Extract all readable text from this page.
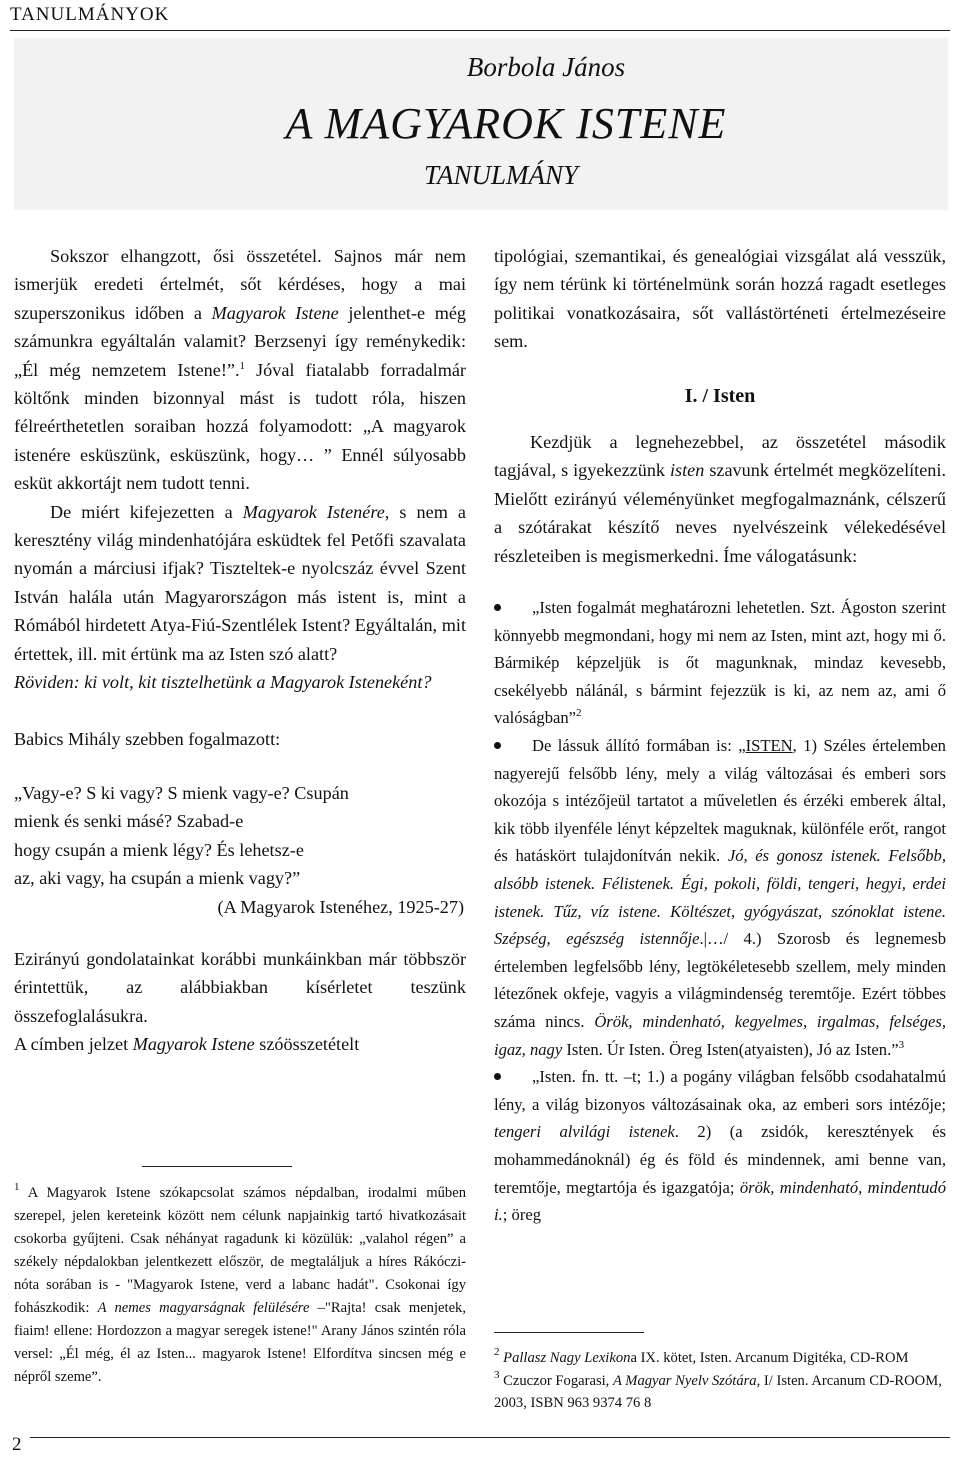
TANULMÁNYOK
Borbola János
A MAGYAROK ISTENE
TANULMÁNY

Sokszor elhangzott, ősi összetétel. Sajnos már nem ismerjük eredeti értelmét, sőt kérdéses, hogy a mai szuperszonikus időben a Magyarok Istene jelenthet-e még számunkra egyáltalán valamit? Berzsenyi így reménykedik: „Él még nemzetem Istene!”.$^1$ Jóval fiatalabb forradalmár költőnk minden bizonnyal mást is tudott róla, hiszen félreérthetetlen soraiban hozzá folyamodott: „A magyarok istenére esküszünk, esküszünk, hogy… ” Ennél súlyosabb esküt akkortájt nem tudott tenni.

De miért kifejezetten a Magyarok Istenére, s nem a keresztény világ mindenhatójára esküdtek fel Petőfi szavalata nyomán a márciusi ifjak? Tiszteltek-e nyolcszáz évvel Szent István halála után Magyarországon más istent is, mint a Rómából hirdetett Atya-Fiú-Szentlélek Istent? Egyáltalán, mit értettek, ill. mit értünk ma az Isten szó alatt?

Röviden: ki volt, kit tisztelhetünk a Magyarok Isteneként?

Babics Mihály szebben fogalmazott:

„Vagy-e? S ki vagy? S mienk vagy-e? Csupán

mienk és senki másé? Szabad-e

hogy csupán a mienk légy? És lehetsz-e

az, aki vagy, ha csupán a mienk vagy?”

(A Magyarok Istenéhez, 1925-27)

Ezirányú gondolatainkat korábbi munkáinkban már többször érintettük, az alábbiakban kísérletet teszünk összefoglalásukra.

A címben jelzet Magyarok Istene szóösszetételt

tipológiai, szemantikai, és genealógiai vizsgálat alá vesszük, így nem térünk ki történelmünk során hozzá ragadt esetleges politikai vonatkozásaira, sőt vallástörténeti értelmezéseire sem.

I. / Isten

Kezdjük a legnehezebbel, az összetétel második tagjával, s igyekezzünk isten szavunk értelmét megközelíteni. Mielőtt ezirányú véleményünket megfogalmaznánk, célszerű a szótárakat készítő neves nyelvészeink vélekedésével részleteiben is megismerkedni. Íme válogatásunk:

„Isten fogalmát meghatározni lehetetlen. Szt. Ágoston szerint könnyebb megmondani, hogy mi nem az Isten, mint azt, hogy mi ő. Bármikép képzeljük is őt magunknak, mindaz kevesebb, csekélyebb nálánál, s bármint fejezzük is ki, az nem az, ami ő valóságban”$^2$
De lássuk állító formában is: „ISTEN, 1) Széles értelemben nagyerejű felsőbb lény, mely a világ változásai és emberi sors okozója s intézőjeül tartatot a műveletlen és érzéki emberek által, kik több ilyenféle lényt képzeltek maguknak, különféle erőt, rangot és hatáskört tulajdonítván nekik. Jó, és gonosz istenek. Felsőbb, alsóbb istenek. Félistenek. Égi, pokoli, földi, tengeri, hegyi, erdei istenek. Tűz, víz istene. Költészet, gyógyászat, szónoklat istene. Szépség, egészség istennője.|…/ 4.) Szorosb és legnemesb értelemben legfelsőbb lény, legtökéletesebb szellem, mely minden létezőnek okfeje, vagyis a világmindenség teremtője. Ezért többes száma nincs. Örök, mindenható, kegyelmes, irgalmas, felséges, igaz, nagy Isten. Úr Isten. Öreg Isten(atyaisten), Jó az Isten.”$^3$
„Isten. fn. tt. –t; 1.) a pogány világban felsőbb csodahatalmú lény, a világ bizonyos változásainak oka, az emberi sors intézője; tengeri alvilági istenek. 2) (a zsidók, keresztények és mohammedánoknál) ég és föld és mindennek, ami benne van, teremtője, megtartója és igazgatója; örök, mindenható, mindentudó i.; öreg
$^1$ A Magyarok Istene szókapcsolat számos népdalban, irodalmi műben szerepel, jelen kereteink között nem célunk napjainkig tartó hivatkozásait csokorba gyűjteni. Csak néhányat ragadunk ki közülük: „valahol régen” a székely népdalokban jelentkezett először, de megtaláljuk a híres Rákóczi-nóta sorában is - "Magyarok Istene, verd a labanc hadát". Csokonai így fohászkodik: A nemes magyarságnak felülésére –"Rajta! csak menjetek, fiaim! ellene: Hordozzon a magyar seregek istene!" Arany János szintén róla versel: „Él még, él az Isten... magyarok Istene! Elfordítva sincsen még e népről szeme”.

$^2$ Pallasz Nagy Lexikona IX. kötet, Isten. Arcanum Digitéka, CD-ROM

$^3$ Czuczor Fogarasi, A Magyar Nyelv Szótára, I/ Isten. Arcanum CD-ROOM, 2003, ISBN 963 9374 76 8

2
